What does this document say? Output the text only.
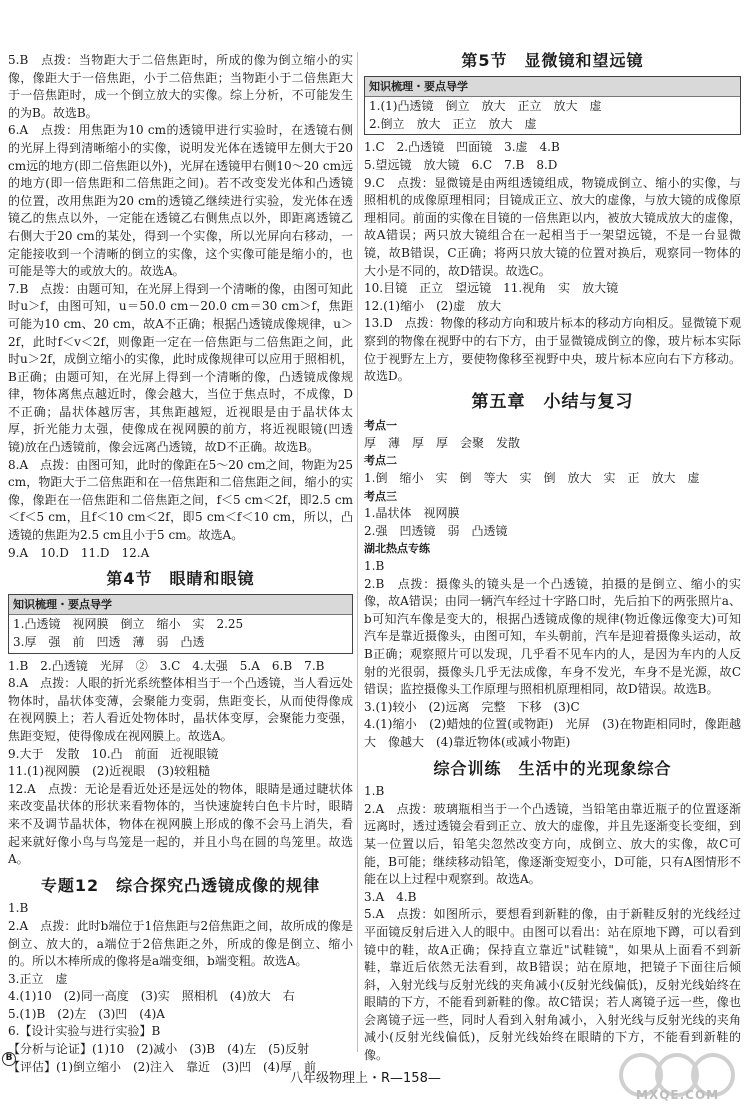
5.B　点拨：当物距大于二倍焦距时，所成的像为倒立缩小的实像，像距大于一倍焦距，小于二倍焦距；当物距小于二倍焦距大于一倍焦距时，成一个倒立放大的实像。综上分析，不可能发生的为B。故选B。

6.A　点拨：用焦距为10 cm的透镜甲进行实验时，在透镜右侧的光屏上得到清晰缩小的实像，说明发光体在透镜甲左侧大于20 cm远的地方(即二倍焦距以外)，光屏在透镜甲右侧10～20 cm远的地方(即一倍焦距和二倍焦距之间)。若不改变发光体和凸透镜的位置，改用焦距为20 cm的透镜乙继续进行实验，发光体在透镜乙的焦点以外，一定能在透镜乙右侧焦点以外，即距离透镜乙右侧大于20 cm的某处，得到一个实像，所以光屏向右移动，一定能接收到一个清晰的倒立的实像，这个实像可能是缩小的，也可能是等大的或放大的。故选A。

7.B　点拨：由题可知，在光屏上得到一个清晰的像，由图可知此时u＞f，由图可知，u＝50.0 cm－20.0 cm＝30 cm＞f，焦距可能为10 cm、20 cm，故A不正确；根据凸透镜成像规律，u＞2f，此时f＜v＜2f，则像距一定在一倍焦距与二倍焦距之间，此时u＞2f，成倒立缩小的实像，此时成像规律可以应用于照相机，B正确；由题可知，在光屏上得到一个清晰的像，凸透镜成像规律，物体离焦点越近时，像会越大，当位于焦点时，不成像，D不正确；晶状体越厉害，其焦距越短，近视眼是由于晶状体太厚，折光能力太强，使像成在视网膜的前方，将近视眼镜(凹透镜)放在凸透镜前，像会远离凸透镜，故D不正确。故选B。

8.A　点拨：由图可知，此时的像距在5～20 cm之间，物距为25 cm，物距大于二倍焦距和在一倍焦距和二倍焦距之间，缩小的实像，像距在一倍焦距和二倍焦距之间，f＜5 cm＜2f，即2.5 cm＜f＜5 cm，且f＜10 cm＜2f，即5 cm＜f＜10 cm，所以，凸透镜的焦距为2.5 cm且小于5 cm。故选A。

9.A　10.D　11.D　12.A

第4节　眼睛和眼镜
知识梳理・要点导学
1.凸透镜　视网膜　倒立　缩小　实　2.25
3.厚　强　前　凹透　薄　弱　凸透

1.B　2.凸透镜　光屏　②　3.C　4.太强　5.A　6.B　7.B

8.A　点拨：人眼的折光系统整体相当于一个凸透镜，当人看远处物体时，晶状体变薄，会聚能力变弱，焦距变长，从而使得像成在视网膜上；若人看近处物体时，晶状体变厚，会聚能力变强，焦距变短，使得像成在视网膜上。故选A。

9.大于　发散　10.凸　前面　近视眼镜

11.(1)视网膜　(2)近视眼　(3)较粗糙

12.A　点拨：无论是看近处还是远处的物体，眼睛是通过睫状体来改变晶状体的形状来看物体的，当快速旋转白色卡片时，眼睛来不及调节晶状体，物体在视网膜上形成的像不会马上消失，看起来就好像小鸟与鸟笼是一起的，并且小鸟在圆的鸟笼里。故选A。

专题12　综合探究凸透镜成像的规律

1.B

2.A　点拨：此时b端位于1倍焦距与2倍焦距之间，故所成的像是倒立、放大的，a端位于2倍焦距之外，所成的像是倒立、缩小的。所以木棒所成的像将是a端变细，b端变粗。故选A。

3.正立　虚

4.(1)10　(2)同一高度　(3)实　照相机　(4)放大　右

5.(1)B　(2)左　(3)凹　(4)A

6.【设计实验与进行实验】B

【分析与论证】(1)10　(2)减小　(3)B　(4)左　(5)反射

【评估】(1)倒立缩小　(2)注入　靠近　(3)凹　(4)厚　前

第5节　显微镜和望远镜
知识梳理・要点导学
1.(1)凸透镜　倒立　放大　正立　放大　虚
2.倒立　放大　正立　放大　虚

1.C　2.凸透镜　凹面镜　3.虚　4.B

5.望远镜　放大镜　6.C　7.B　8.D

9.C　点拨：显微镜是由两组透镜组成，物镜成倒立、缩小的实像，与照相机的成像原理相同；目镜成正立、放大的虚像，与放大镜的成像原理相同。前面的实像在目镜的一倍焦距以内，被放大镜成放大的虚像，故A错误；两只放大镜组合在一起相当于一架望远镜，不是一台显微镜，故B错误，C正确；将两只放大镜的位置对换后，观察同一物体的大小是不同的，故D错误。故选C。

10.目镜　正立　望远镜　11.视角　实　放大镜

12.(1)缩小　(2)虚　放大

13.D　点拨：物像的移动方向和玻片标本的移动方向相反。显微镜下观察到的物像在视野中的右下方，由于显微镜成倒立的像，玻片标本实际位于视野左上方，要使物像移至视野中央，玻片标本应向右下方移动。故选D。

第五章　小结与复习
考点一
厚　薄　厚　厚　会聚　发散
考点二
1.倒　缩小　实　倒　等大　实　倒　放大　实　正　放大　虚
考点三
1.晶状体　视网膜
2.强　凹透镜　弱　凸透镜
湖北热点专练

1.B

2.B　点拨：摄像头的镜头是一个凸透镜，拍摄的是倒立、缩小的实像，故A错误；由同一辆汽车经过十字路口时，先后拍下的两张照片a、b可知汽车像是变大的，根据凸透镜成像的规律(物近像远像变大)可知汽车是靠近摄像头，由图可知，车头朝前，汽车是迎着摄像头运动，故B正确；观察照片可以发现，几乎看不见车内的人，是因为车内的人反射的光很弱，摄像头几乎无法成像，车身不发光，车身不是光源，故C错误；监控摄像头工作原理与照相机原理相同，故D错误。故选B。

3.(1)较小　(2)远离　完整　下移　(3)C

4.(1)缩小　(2)蜡烛的位置(或物距)　光屏　(3)在物距相同时，像距越大　像越大　(4)靠近物体(或减小物距)

综合训练　生活中的光现象综合

1.B

2.A　点拨：玻璃瓶相当于一个凸透镜，当铅笔由靠近瓶子的位置逐渐远离时，透过透镜会看到正立、放大的虚像，并且先逐渐变长变细，到某一位置以后，铅笔尖忽然改变方向，成倒立、放大的实像，故C可能，B可能；继续移动铅笔，像逐渐变短变小，D可能，只有A图情形不能在以上过程中观察到。故选A。

3.A　4.B

5.A　点拨：如图所示，要想看到新鞋的像，由于新鞋反射的光线经过平面镜反射后进入人的眼中。由图可以看出：站在原地下蹲，可以看到镜中的鞋，故A正确；保持直立靠近"试鞋镜"，如果从上面看不到新鞋，靠近后依然无法看到，故B错误；站在原地，把镜子下面往后倾斜，入射光线与反射光线的夹角减小(反射光线偏低)，反射光线始终在眼睛的下方，不能看到新鞋的像。故C错误；若人离镜子远一些，像也会离镜子远一些，同时人看到入射角减小，入射光线与反射光线的夹角减小(反射光线偏低)，反射光线始终在眼睛的下方，不能看到新鞋的像。

B
八年级物理上・R—158—
MXQE.COM
